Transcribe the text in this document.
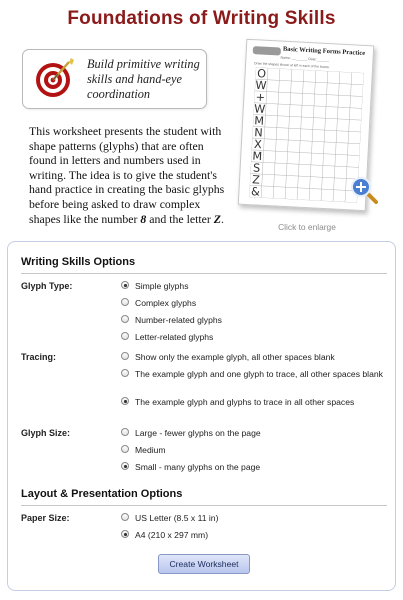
Foundations of Writing Skills
Build primitive writing skills and hand-eye coordination
This worksheet presents the student with shape patterns (glyphs) that are often found in letters and numbers used in writing. The idea is to give the student's hand practice in creating the basic glyphs before being asked to draw complex shapes like the number 8 and the letter Z.
Basic Writing Forms Practice
Name: ________ Date: ______
Draw the shapes shown at left in each of the boxes.
O
W
+
W
M
N
X
M
S
Z
&
Click to enlarge
Writing Skills Options
Glyph Type:	Simple glyphs
Complex glyphs
Number-related glyphs
Letter-related glyphs
Tracing:	Show only the example glyph, all other spaces blank
The example glyph and one glyph to trace, all other spaces blank
The example glyph and glyphs to trace in all other spaces
Glyph Size:	Large - fewer glyphs on the page
Medium
Small - many glyphs on the page
Layout & Presentation Options
Paper Size:	US Letter (8.5 x 11 in)
A4 (210 x 297 mm)
Create Worksheet
